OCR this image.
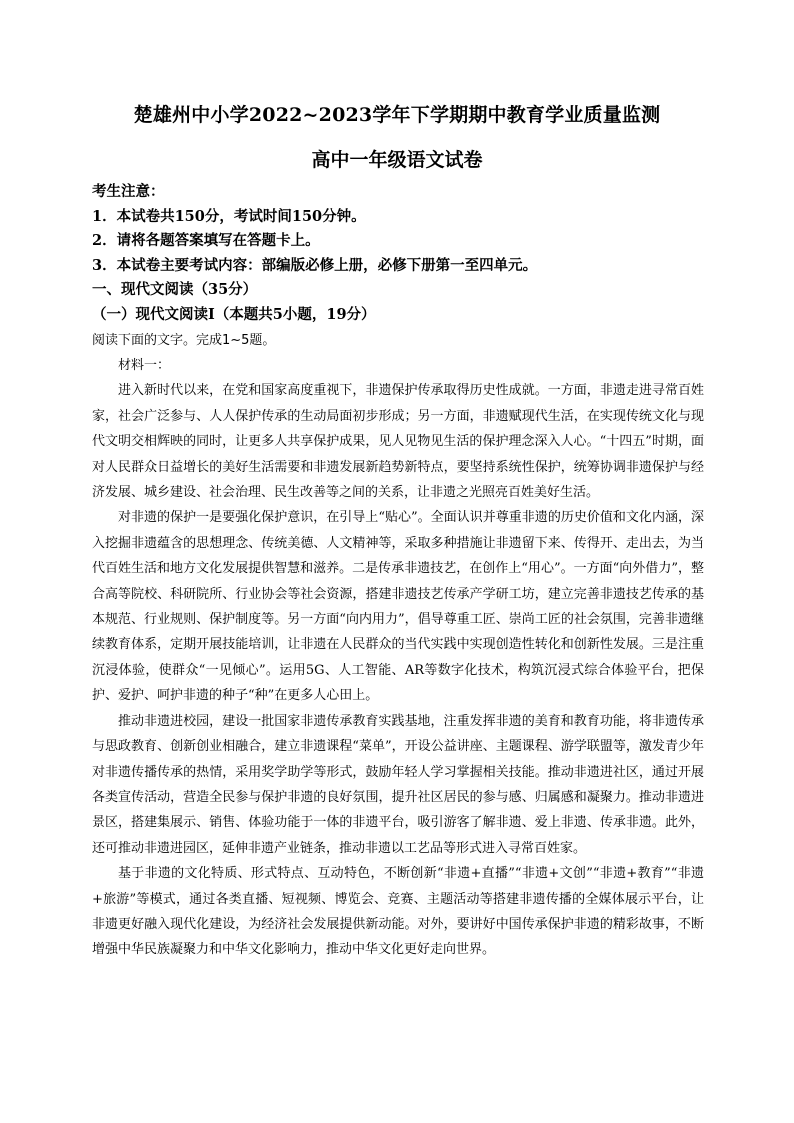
楚雄州中小学2022~2023学年下学期期中教育学业质量监测
高中一年级语文试卷
考生注意：
1．本试卷共150分，考试时间150分钟。
2．请将各题答案填写在答题卡上。
3．本试卷主要考试内容：部编版必修上册，必修下册第一至四单元。
一、现代文阅读（35分）
（一）现代文阅读Ⅰ（本题共5小题，19分）
阅读下面的文字。完成1~5题。

材料一：

进入新时代以来，在党和国家高度重视下，非遗保护传承取得历史性成就。一方面，非遗走进寻常百姓家，社会广泛参与、人人保护传承的生动局面初步形成；另一方面，非遗赋现代生活，在实现传统文化与现代文明交相辉映的同时，让更多人共享保护成果，见人见物见生活的保护理念深入人心。“十四五”时期，面对人民群众日益增长的美好生活需要和非遗发展新趋势新特点，要坚持系统性保护，统筹协调非遗保护与经济发展、城乡建设、社会治理、民生改善等之间的关系，让非遗之光照亮百姓美好生活。

对非遗的保护一是要强化保护意识，在引导上“贴心”。全面认识并尊重非遗的历史价值和文化内涵，深入挖掘非遗蕴含的思想理念、传统美德、人文精神等，采取多种措施让非遗留下来、传得开、走出去，为当代百姓生活和地方文化发展提供智慧和滋养。二是传承非遗技艺，在创作上“用心”。一方面“向外借力”，整合高等院校、科研院所、行业协会等社会资源，搭建非遗技艺传承产学研工坊，建立完善非遗技艺传承的基本规范、行业规则、保护制度等。另一方面“向内用力”，倡导尊重工匠、崇尚工匠的社会氛围，完善非遗继续教育体系，定期开展技能培训，让非遗在人民群众的当代实践中实现创造性转化和创新性发展。三是注重沉浸体验，使群众“一见倾心”。运用5G、人工智能、AR等数字化技术，构筑沉浸式综合体验平台，把保护、爱护、呵护非遗的种子“种”在更多人心田上。

推动非遗进校园，建设一批国家非遗传承教育实践基地，注重发挥非遗的美育和教育功能，将非遗传承与思政教育、创新创业相融合，建立非遗课程“菜单”，开设公益讲座、主题课程、游学联盟等，激发青少年对非遗传播传承的热情，采用奖学助学等形式，鼓励年轻人学习掌握相关技能。推动非遗进社区，通过开展各类宣传活动，营造全民参与保护非遗的良好氛围，提升社区居民的参与感、归属感和凝聚力。推动非遗进景区，搭建集展示、销售、体验功能于一体的非遗平台，吸引游客了解非遗、爱上非遗、传承非遗。此外，还可推动非遗进园区，延伸非遗产业链条，推动非遗以工艺品等形式进入寻常百姓家。

基于非遗的文化特质、形式特点、互动特色，不断创新“非遗+直播”“非遗+文创”“非遗+教育”“非遗+旅游”等模式，通过各类直播、短视频、博览会、竞赛、主题活动等搭建非遗传播的全媒体展示平台，让非遗更好融入现代化建设，为经济社会发展提供新动能。对外，要讲好中国传承保护非遗的精彩故事，不断增强中华民族凝聚力和中华文化影响力，推动中华文化更好走向世界。
